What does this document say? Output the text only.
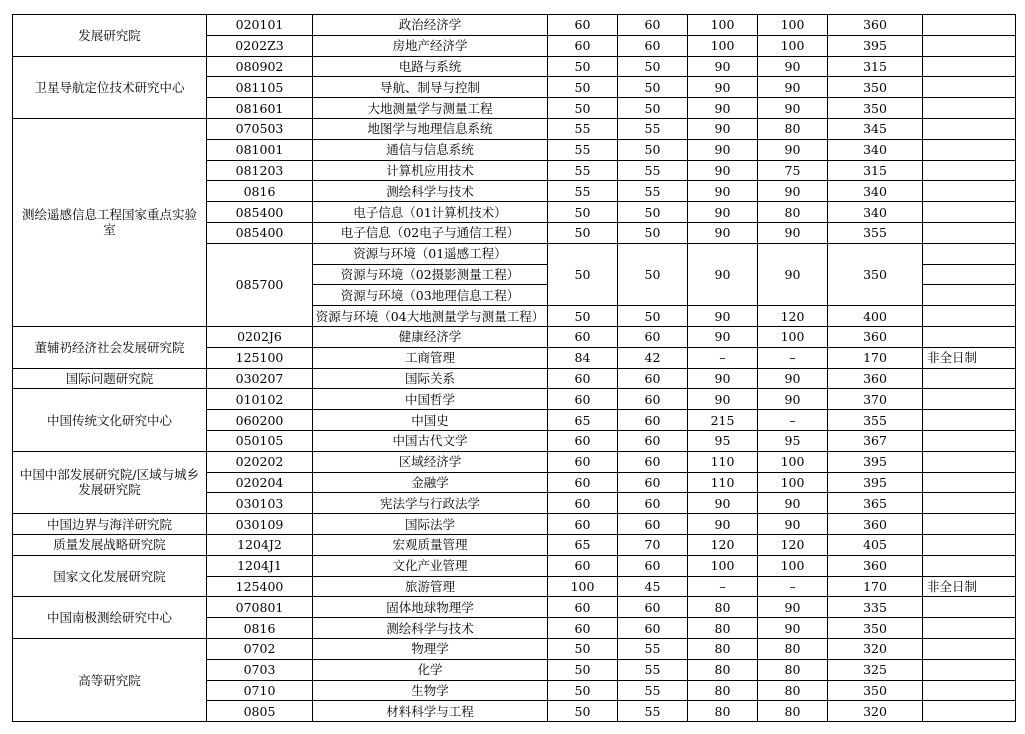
发展研究院	020101	政治经济学	60	60	100	100	360	
	0202Z3	房地产经济学	60	60	100	100	395	
卫星导航定位技术研究中心	080902	电路与系统	50	50	90	90	315	
	081105	导航、制导与控制	50	50	90	90	350	
	081601	大地测量学与测量工程	50	50	90	90	350	
测绘遥感信息工程国家重点实验室	070503	地图学与地理信息系统	55	55	90	80	345	
	081001	通信与信息系统	55	50	90	90	340	
	081203	计算机应用技术	55	55	90	75	315	
	0816	测绘科学与技术	55	55	90	90	340	
	085400	电子信息（01计算机技术）	50	50	90	80	340	
	085400	电子信息（02电子与通信工程）	50	50	90	90	355	
	085700	资源与环境（01遥感工程）	50	50	90	90	350	
		资源与环境（02摄影测量工程）						
		资源与环境（03地理信息工程）						
		资源与环境（04大地测量学与测量工程）	50	50	90	120	400	
董辅礽经济社会发展研究院	0202J6	健康经济学	60	60	90	100	360	
	125100	工商管理	84	42	–	–	170	非全日制
国际问题研究院	030207	国际关系	60	60	90	90	360	
中国传统文化研究中心	010102	中国哲学	60	60	90	90	370	
	060200	中国史	65	60	215	–	355	
	050105	中国古代文学	60	60	95	95	367	
中国中部发展研究院/区域与城乡发展研究院	020202	区域经济学	60	60	110	100	395	
	020204	金融学	60	60	110	100	395	
	030103	宪法学与行政法学	60	60	90	90	365	
中国边界与海洋研究院	030109	国际法学	60	60	90	90	360	
质量发展战略研究院	1204J2	宏观质量管理	65	70	120	120	405	
国家文化发展研究院	1204J1	文化产业管理	60	60	100	100	360	
	125400	旅游管理	100	45	–	–	170	非全日制
中国南极测绘研究中心	070801	固体地球物理学	60	60	80	90	335	
	0816	测绘科学与技术	60	60	80	90	350	
高等研究院	0702	物理学	50	55	80	80	320	
	0703	化学	50	55	80	80	325	
	0710	生物学	50	55	80	80	350	
	0805	材料科学与工程	50	55	80	80	320	
